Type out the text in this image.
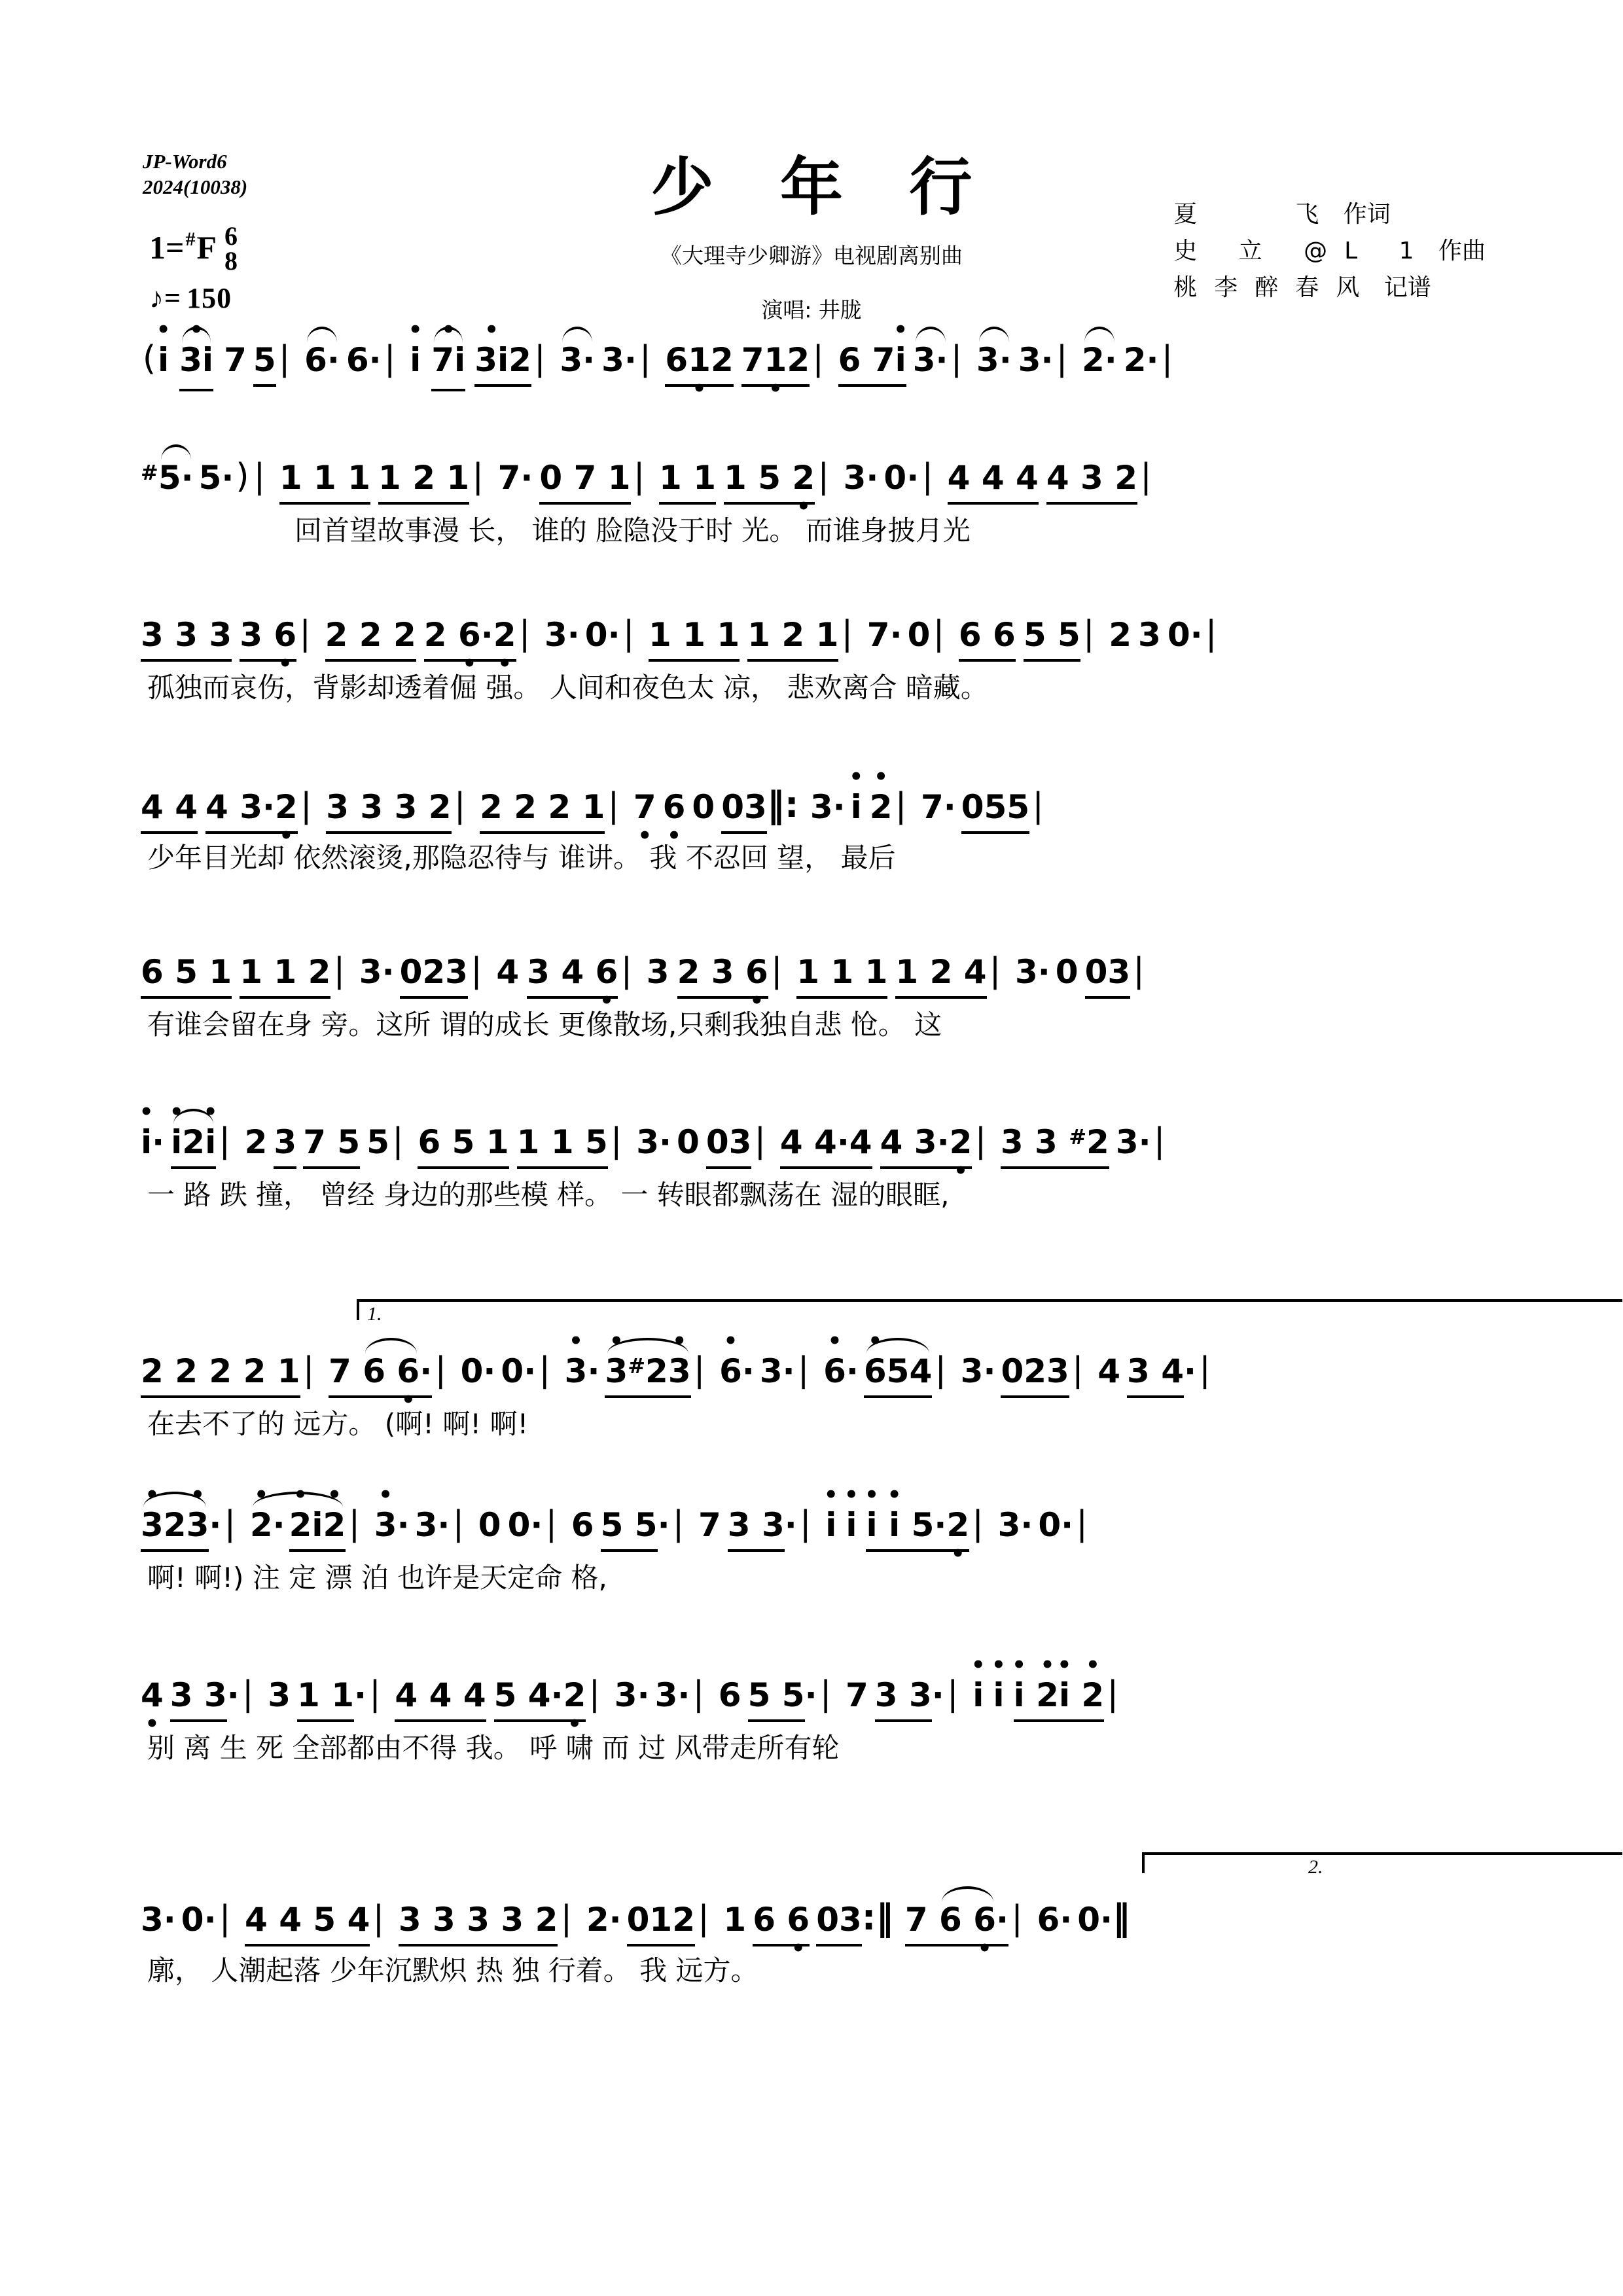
JP-Word6
2024(10038)	少 年 行
《大理寺少卿游》电视剧离别曲
演唱: 井胧
夏　　飞 作词
史 立 @L 1 作曲
桃李醉春风 记谱
1= # F 6
8
♪= 150
(• i • 3i 7 5| 6· 6·| • i • 7i • 3i2| 3· 3·| 61 •2 71 •2| 6 7• i 3·| 3· 3·| 2· 2·|
#5· 5·) | 1 1 1 1 2 1| 7· 0 7 1| 1 1 1 5 2 •| 3· 0·| 4 4 4 4 3 2|
回首望故事漫 长， 谁的 脸隐没于时 光。 而谁身披月光
3 3 3 3 6 •| 2 2 2 2 6 •·2 •| 3· 0·| 1 1 1 1 2 1| 7· 0| 6 6 5 5| 2 3 0·|
孤独而哀伤，背影却透着倔 强。 人间和夜色太 凉， 悲欢离合 暗藏。
4 4 4 3·2 •| 3 3 3 2| 2 2 2 1| 7 • 6 • 0 03‖: 3· • i • 2| 7· 055|
少年目光却 依然滚烫,那隐忍待与 谁讲。 我 不忍回 望， 最后
6 5 1 1 1 2| 3· 023| 4 3 4 6 •| 3 2 3 6 •| 1 1 1 1 2 4| 3· 0 03|
有谁会留在身 旁。这所 谓的成长 更像散场,只剩我独自悲 怆。 这
• i· • i2• i| 2 3 7 5 5| 6 5 1 1 1 5| 3· 0 03| 4 4·4 4 3·2 •| 3 3 #2 3·|
一 路 跌 撞， 曾经 身边的那些模 样。 一 转眼都飘荡在 湿的眼眶,
1.
2 2 2 2 1| 7 6 6 •·| 0· 0·| • 3· • 3#2• 3| • 6· 3·| • 6· • 654| 3· 023| 4 3 4·|
在去不了的 远方。 (啊! 啊! 啊!
• 32• 3·| • 2· • 2i• 2| • 3· 3·| 0 0·| 6 5 5·| 7 3 3·| • i • i • i • i 5·2 •| 3· 0·|
啊! 啊!) 注 定 漂 泊 也许是天定命 格,
4 • 3 3·| 3 1 1·| 4 4 4 5 4·2 •| 3· 3·| 6 5 5·| 7 3 3·| • i • i • i • 2• i • 2|
别 离 生 死 全部都由不得 我。 呼 啸 而 过 风带走所有轮
2.
3· 0·| 4 4 5 4| 3 3 3 3 2| 2· 012| 1 6 6 • 03:‖ 7 6 6 •·| 6· 0·‖
廓， 人潮起落 少年沉默炽 热 独 行着。 我 远方。
